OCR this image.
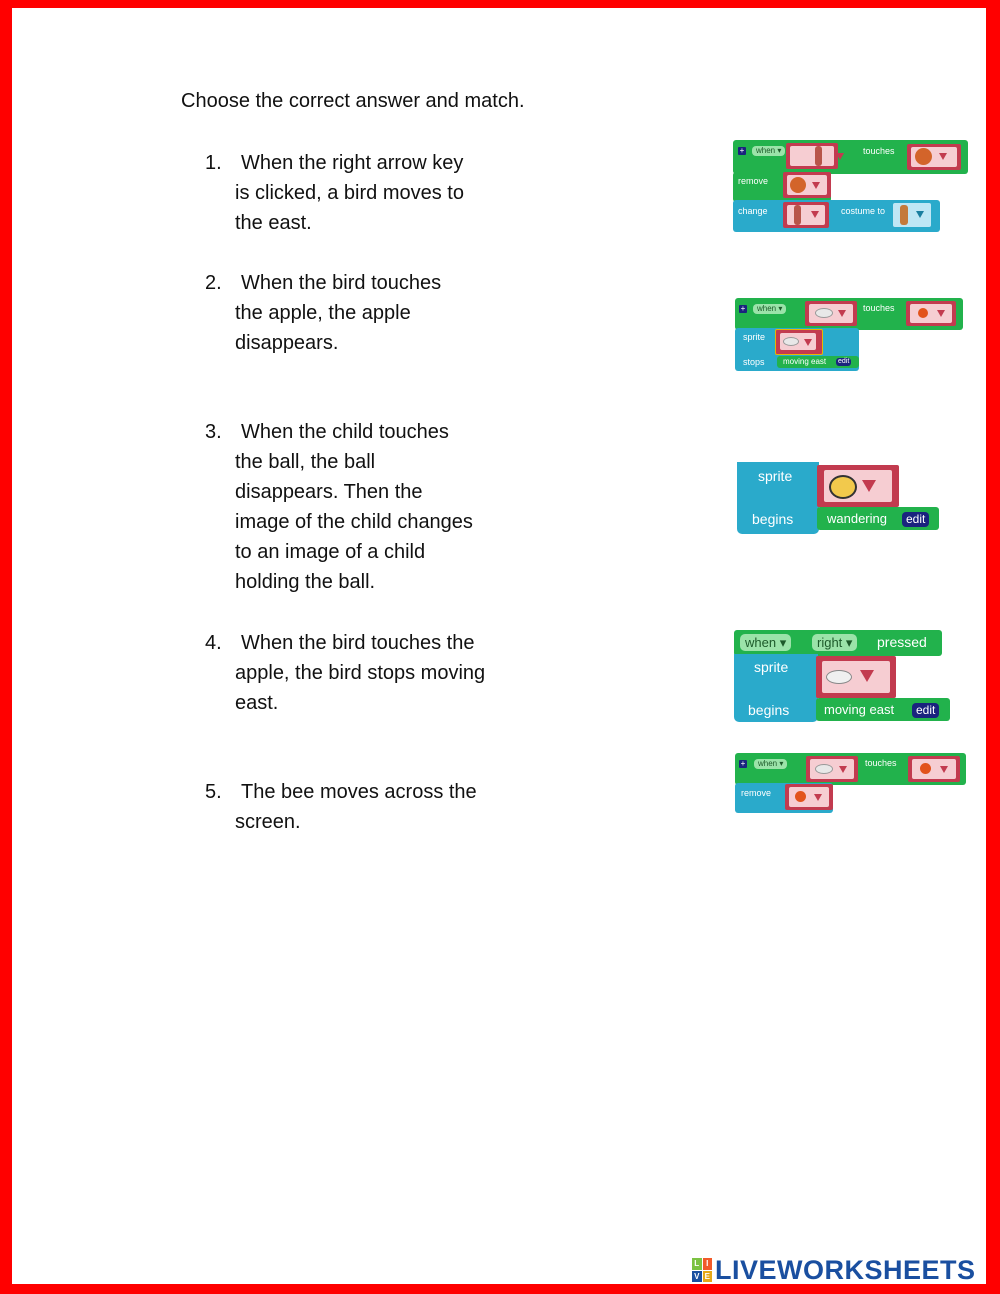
Choose the correct answer and match.
1. When the right arrow key
is clicked, a bird moves to
the east.
2. When the bird touches
the apple, the apple
disappears.
3. When the child touches
the ball, the ball
disappears. Then the
image of the child changes
to an image of a child
holding the ball.
4. When the bird touches the
apple, the bird stops moving
east.
5. The bee moves across the
screen.
+	when ▾	touches
remove
change	costume to
+	when ▾	touches
sprite
stops moving east edit
sprite
begins	wandering	edit
when ▾	right ▾	pressed
sprite
begins	moving east	edit
+	when ▾	touches
remove
L I
V E LIVEWORKSHEETS
